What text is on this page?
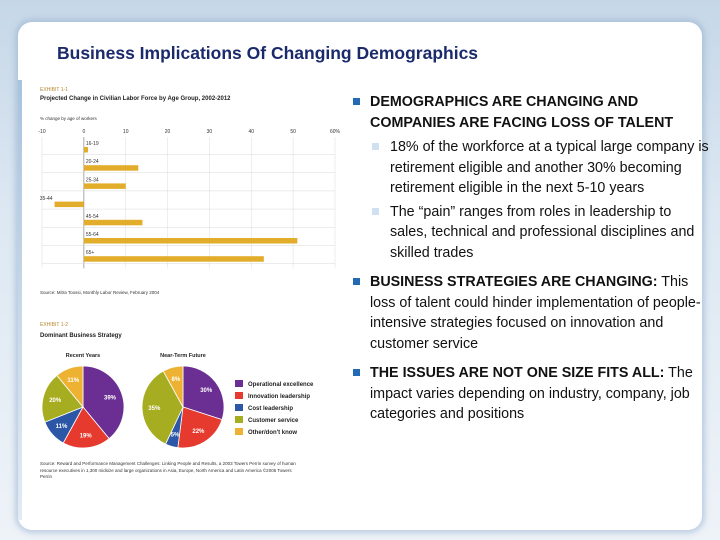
Business Implications Of Changing Demographics
EXHIBIT 1-1
Projected Change in Civilian Labor Force by Age Group, 2002-2012
% change by age of workers
-10	0	10	20	30	40	50	60%
16-19
20-24
25-34
35-44
45-54
55-64
65+
Source: Mitra Toossi, Monthly Labor Review, February 2004
EXHIBIT 1-2
Dominant Business Strategy
Recent Years
39%
19%
11%
20%
11%
Near-Term Future
30%
22%
5%
35%
8%
Operational excellence
Innovation leadership
Cost leadership
Customer service
Other/don't know
Source: Reward and Performance Management Challenges: Linking People and Results, a 2003 Towers Perrin survey of human resource executives in 1,300 midsize and large organizations in Asia, Europe, North America and Latin America ©2005 Towers Perrin
DEMOGRAPHICS ARE CHANGING AND COMPANIES ARE FACING LOSS OF TALENT
18% of the workforce at a typical large company is retirement eligible and another 30% becoming retirement eligible in the next 5-10 years
The “pain” ranges from roles in leadership to sales, technical and professional disciplines and skilled trades
BUSINESS STRATEGIES ARE CHANGING: This loss of talent could hinder implementation of people-intensive strategies focused on innovation and customer service
THE ISSUES ARE NOT ONE SIZE FITS ALL: The impact varies depending on industry, company, job categories and positions
